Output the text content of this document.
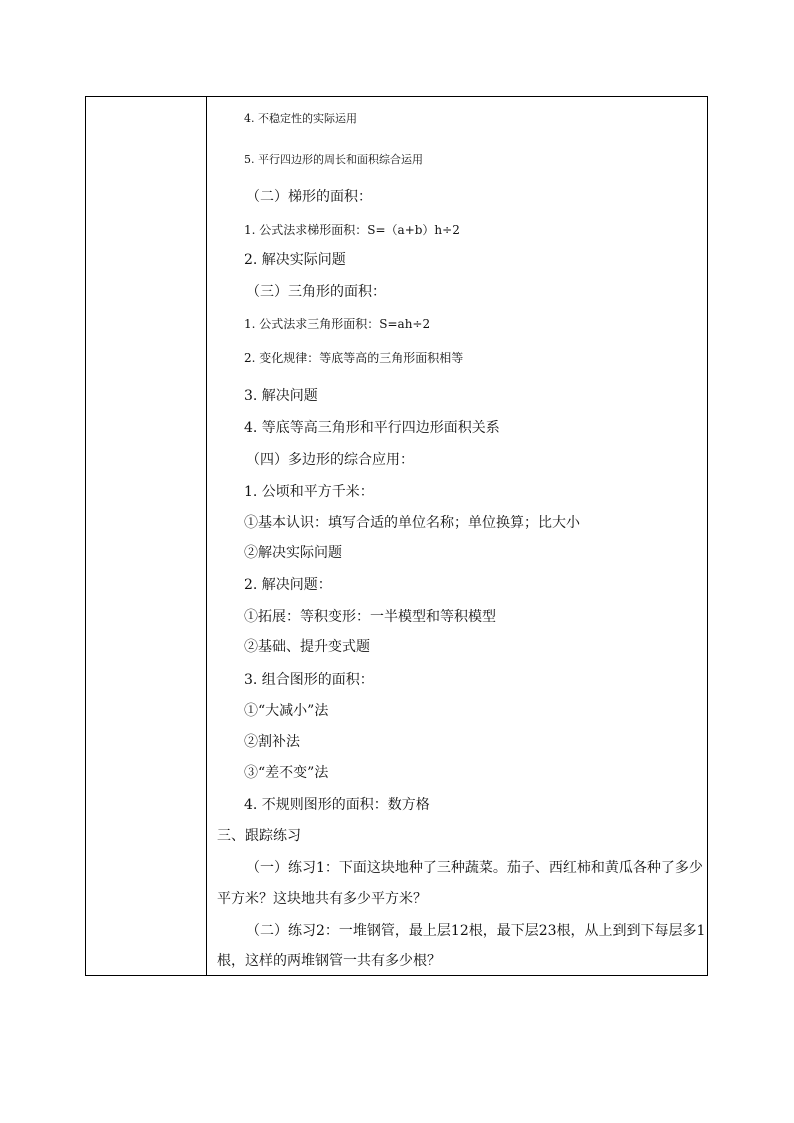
4. 不稳定性的实际运用
5. 平行四边形的周长和面积综合运用
（二）梯形的面积：
1. 公式法求梯形面积：S=（a+b）h÷2
2. 解决实际问题
（三）三角形的面积：
1. 公式法求三角形面积：S=ah÷2
2. 变化规律：等底等高的三角形面积相等
3. 解决问题
4. 等底等高三角形和平行四边形面积关系
（四）多边形的综合应用：
1. 公顷和平方千米：
①基本认识：填写合适的单位名称；单位换算；比大小
②解决实际问题
2. 解决问题：
①拓展：等积变形：一半模型和等积模型
②基础、提升变式题
3. 组合图形的面积：
①“大减小”法
②割补法
③“差不变”法
4. 不规则图形的面积：数方格
三、跟踪练习
（一）练习1：下面这块地种了三种蔬菜。茄子、西红柿和黄瓜各种了多少
平方米？这块地共有多少平方米？
（二）练习2：一堆钢管，最上层12根，最下层23根，从上到到下每层多1
根，这样的两堆钢管一共有多少根？
